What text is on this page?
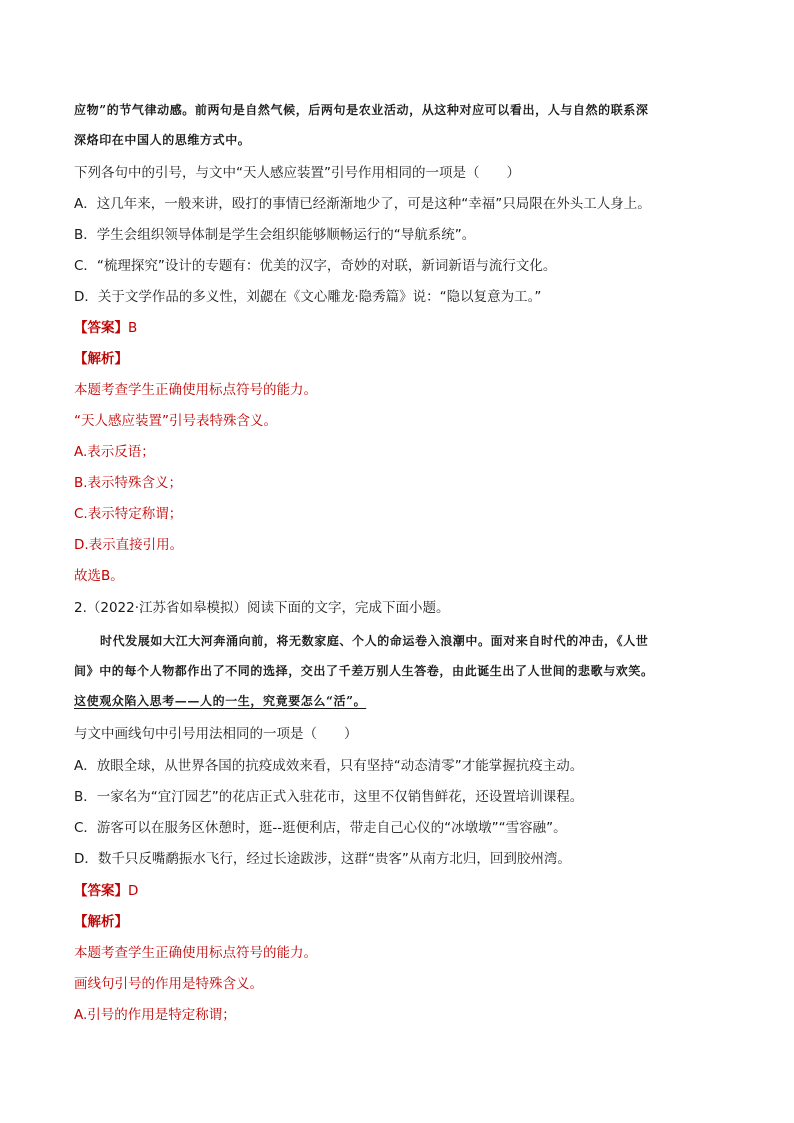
应物”的节气律动感。前两句是自然气候，后两句是农业活动，从这种对应可以看出，人与自然的联系深
深烙印在中国人的思维方式中。
下列各句中的引号，与文中“天人感应装置”引号作用相同的一项是（　　）
A．这几年来，一般来讲，殴打的事情已经渐渐地少了，可是这种“幸福”只局限在外头工人身上。
B．学生会组织领导体制是学生会组织能够顺畅运行的“导航系统”。
C．“梳理探究”设计的专题有：优美的汉字，奇妙的对联，新词新语与流行文化。
D．关于文学作品的多义性，刘勰在《文心雕龙·隐秀篇》说：“隐以复意为工。”
【答案】B
【解析】
本题考查学生正确使用标点符号的能力。
“天人感应装置”引号表特殊含义。
A.表示反语；
B.表示特殊含义；
C.表示特定称谓；
D.表示直接引用。
故选B。
2.（2022·江苏省如皋模拟）阅读下面的文字，完成下面小题。
时代发展如大江大河奔涌向前，将无数家庭、个人的命运卷入浪潮中。面对来自时代的冲击，《人世
间》中的每个人物都作出了不同的选择，交出了千差万别人生答卷，由此诞生出了人世间的悲歌与欢笑。
这使观众陷入思考——人的一生，究竟要怎么“活”。
与文中画线句中引号用法相同的一项是（　　）
A．放眼全球，从世界各国的抗疫成效来看，只有坚持“动态清零”才能掌握抗疫主动。
B．一家名为“宜汀园艺”的花店正式入驻花市，这里不仅销售鲜花，还设置培训课程。
C．游客可以在服务区休憩时，逛--逛便利店，带走自己心仪的“冰墩墩”“雪容融”。
D．数千只反嘴鹬振水飞行，经过长途跋涉，这群“贵客”从南方北归，回到胶州湾。
【答案】D
【解析】
本题考查学生正确使用标点符号的能力。
画线句引号的作用是特殊含义。
A.引号的作用是特定称谓；
